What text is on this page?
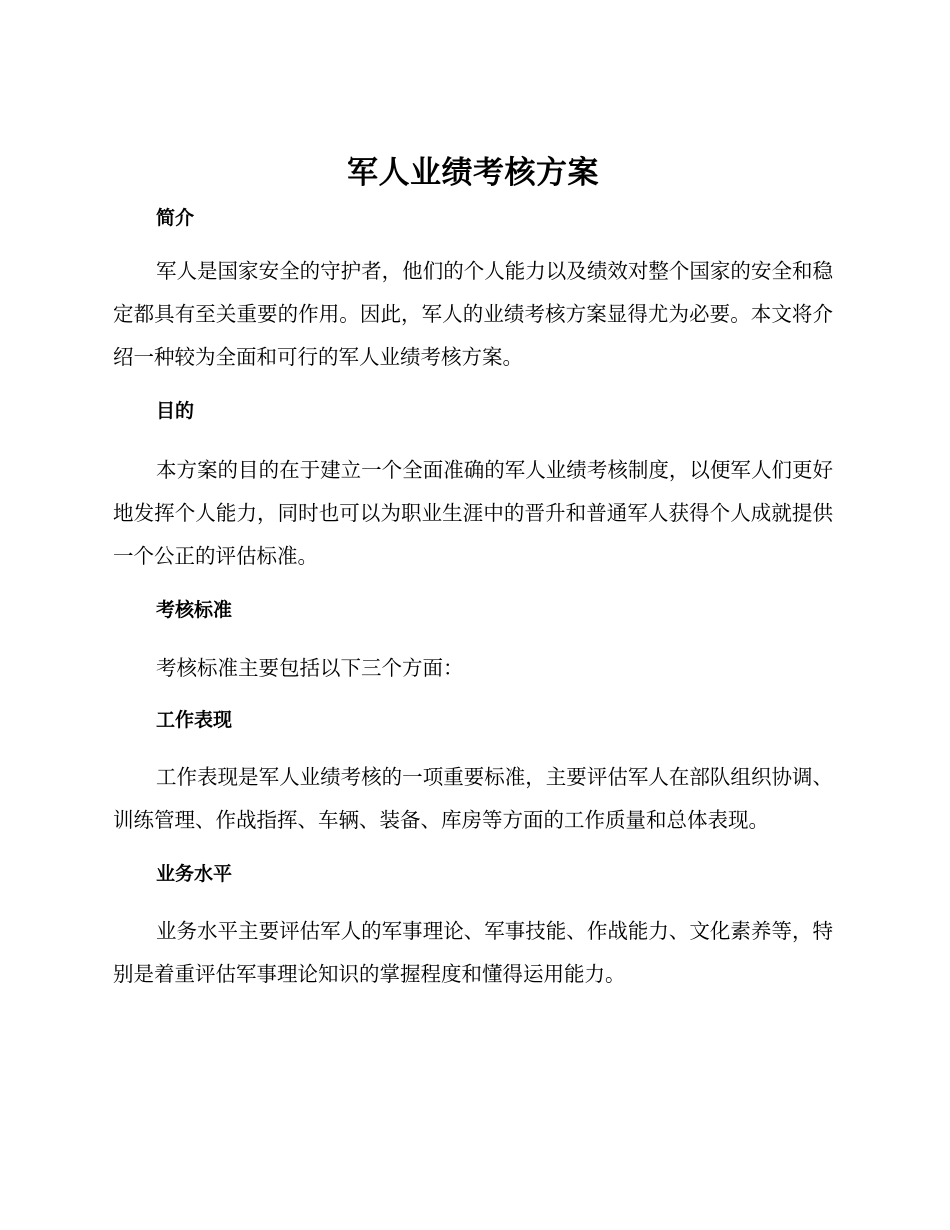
军人业绩考核方案
简介

军人是国家安全的守护者，他们的个人能力以及绩效对整个国家的安全和稳定都具有至关重要的作用。因此，军人的业绩考核方案显得尤为必要。本文将介绍一种较为全面和可行的军人业绩考核方案。

目的

本方案的目的在于建立一个全面准确的军人业绩考核制度，以便军人们更好地发挥个人能力，同时也可以为职业生涯中的晋升和普通军人获得个人成就提供一个公正的评估标准。

考核标准

考核标准主要包括以下三个方面：

工作表现

工作表现是军人业绩考核的一项重要标准，主要评估军人在部队组织协调、训练管理、作战指挥、车辆、装备、库房等方面的工作质量和总体表现。

业务水平

业务水平主要评估军人的军事理论、军事技能、作战能力、文化素养等，特别是着重评估军事理论知识的掌握程度和懂得运用能力。
